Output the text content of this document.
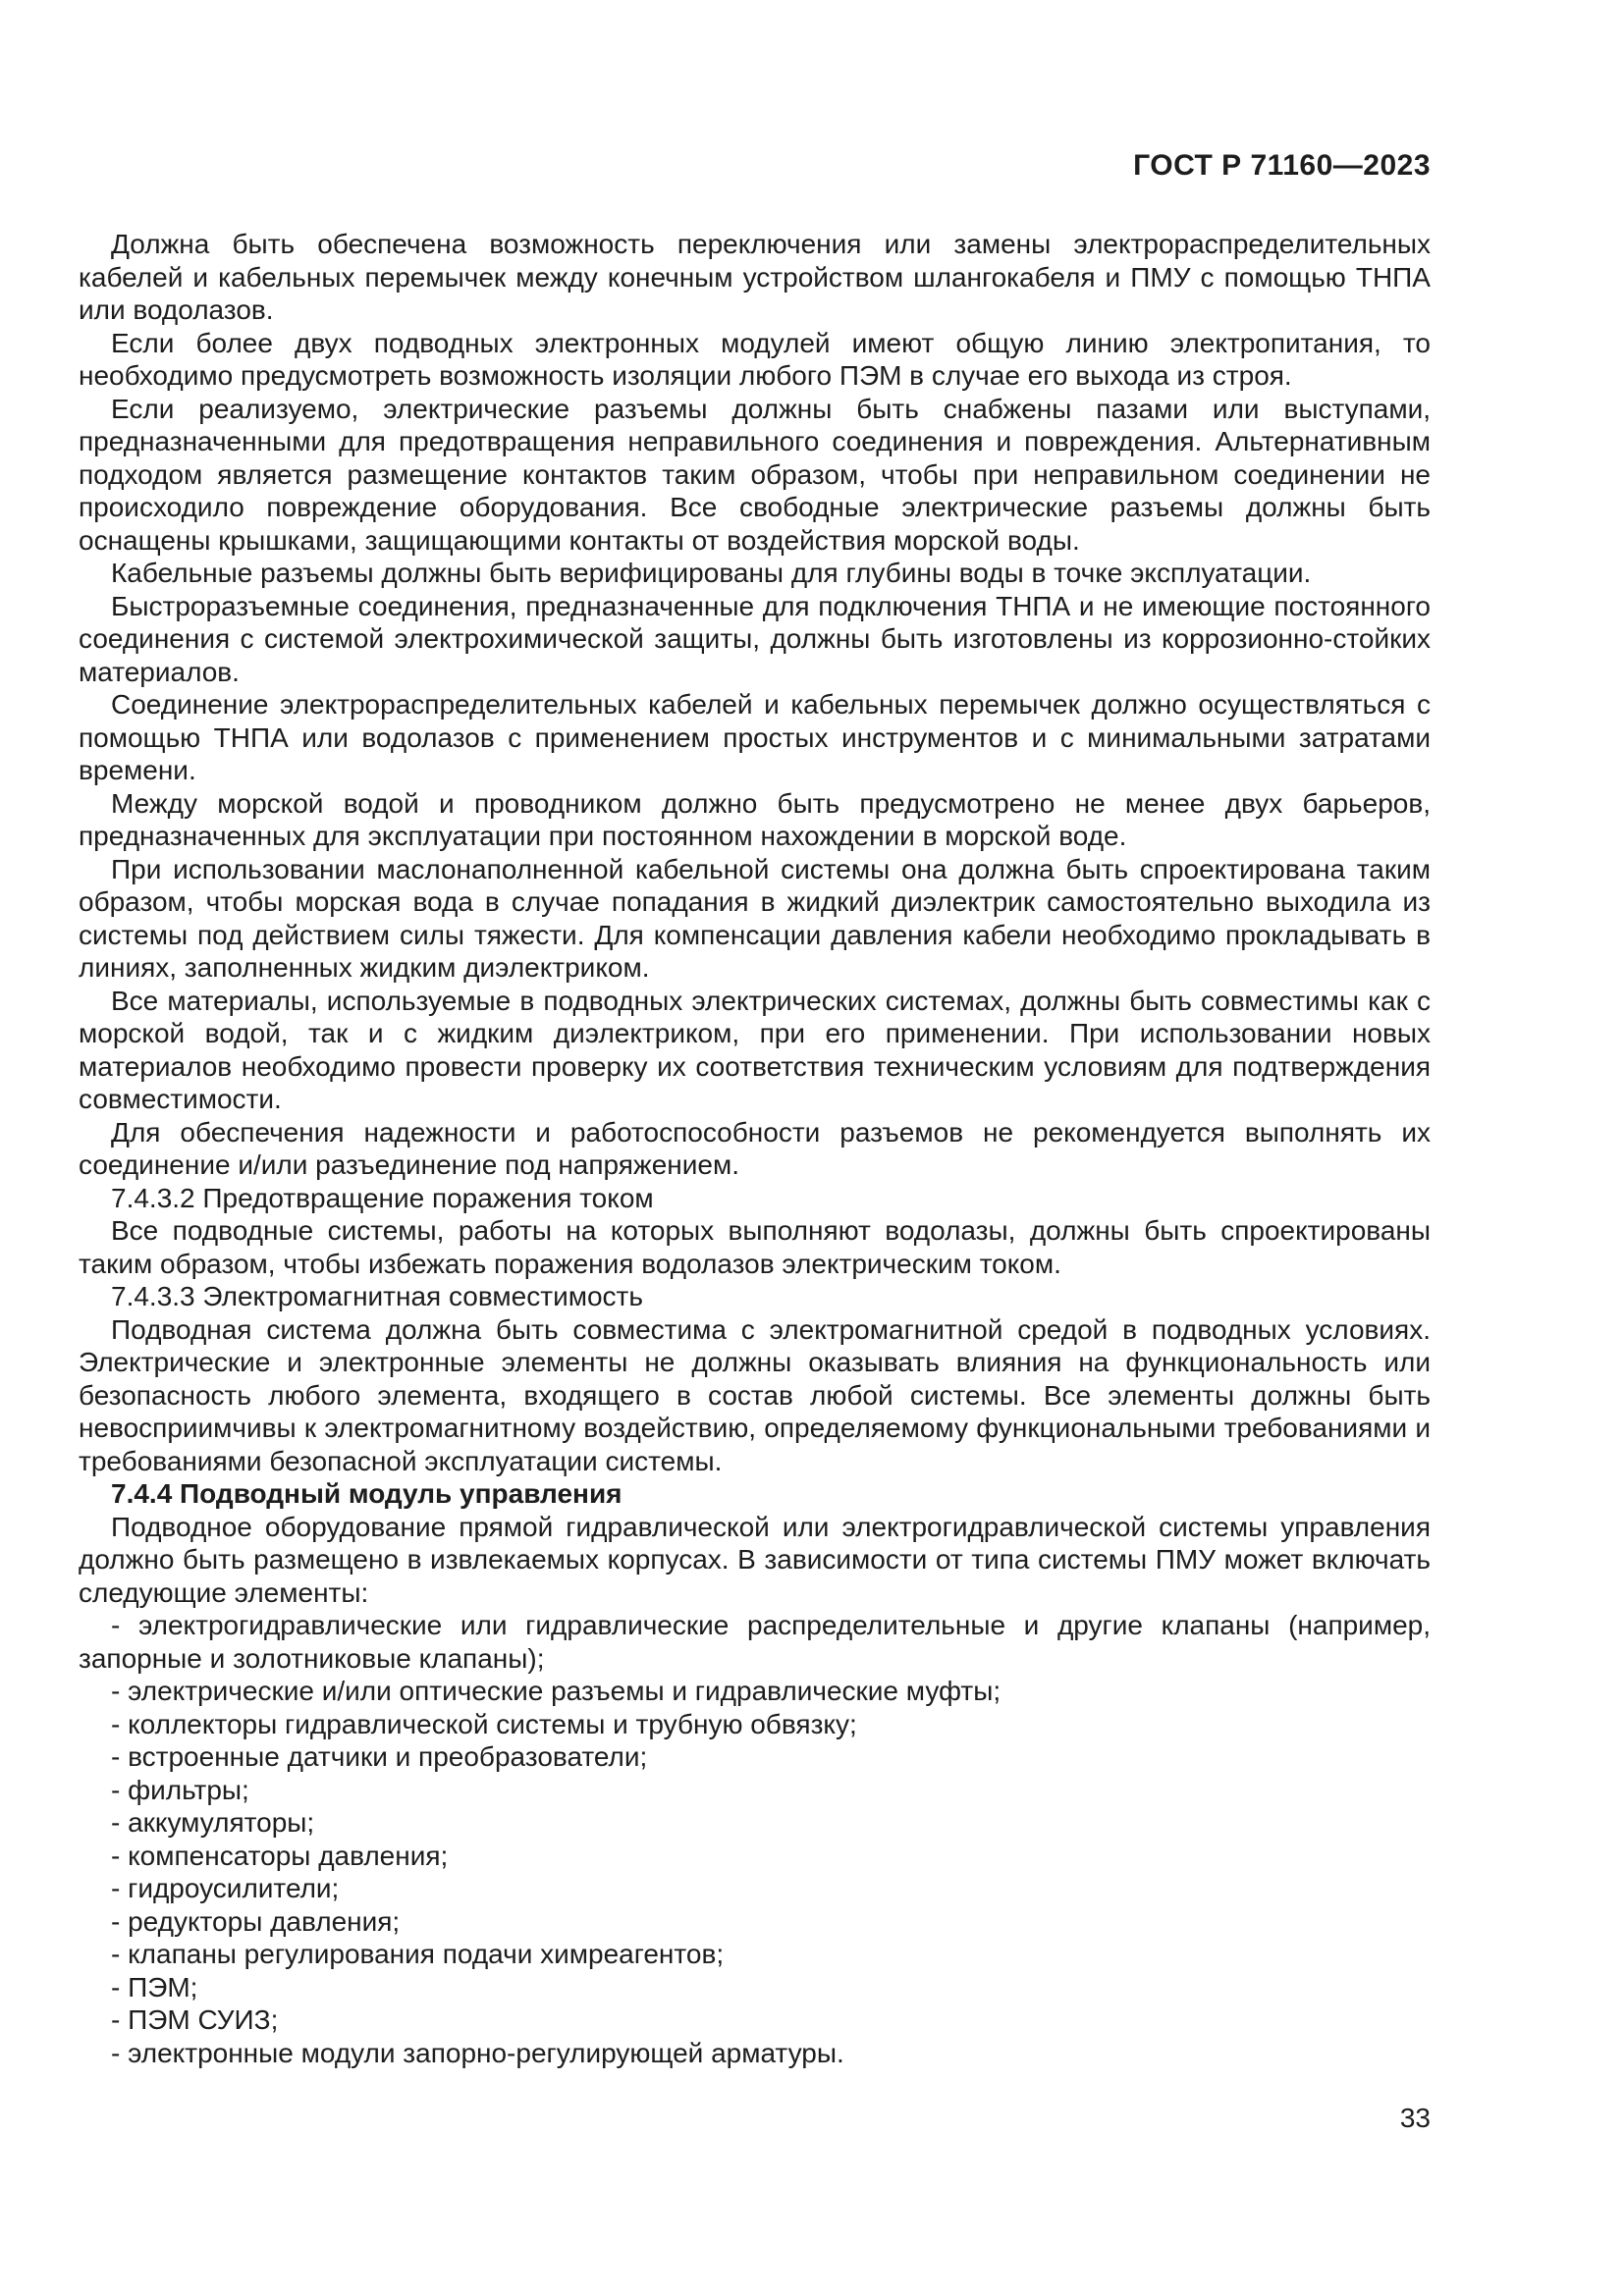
ГОСТ Р 71160—2023

Должна быть обеспечена возможность переключения или замены электрораспределительных кабелей и кабельных перемычек между конечным устройством шлангокабеля и ПМУ с помощью ТНПА или водолазов.

Если более двух подводных электронных модулей имеют общую линию электропитания, то необходимо предусмотреть возможность изоляции любого ПЭМ в случае его выхода из строя.

Если реализуемо, электрические разъемы должны быть снабжены пазами или выступами, предназначенными для предотвращения неправильного соединения и повреждения. Альтернативным подходом является размещение контактов таким образом, чтобы при неправильном соединении не происходило повреждение оборудования. Все свободные электрические разъемы должны быть оснащены крышками, защищающими контакты от воздействия морской воды.

Кабельные разъемы должны быть верифицированы для глубины воды в точке эксплуатации.

Быстроразъемные соединения, предназначенные для подключения ТНПА и не имеющие постоянного соединения с системой электрохимической защиты, должны быть изготовлены из коррозионно-стойких материалов.

Соединение электрораспределительных кабелей и кабельных перемычек должно осуществляться с помощью ТНПА или водолазов с применением простых инструментов и с минимальными затратами времени.

Между морской водой и проводником должно быть предусмотрено не менее двух барьеров, предназначенных для эксплуатации при постоянном нахождении в морской воде.

При использовании маслонаполненной кабельной системы она должна быть спроектирована таким образом, чтобы морская вода в случае попадания в жидкий диэлектрик самостоятельно выходила из системы под действием силы тяжести. Для компенсации давления кабели необходимо прокладывать в линиях, заполненных жидким диэлектриком.

Все материалы, используемые в подводных электрических системах, должны быть совместимы как с морской водой, так и с жидким диэлектриком, при его применении. При использовании новых материалов необходимо провести проверку их соответствия техническим условиям для подтверждения совместимости.

Для обеспечения надежности и работоспособности разъемов не рекомендуется выполнять их соединение и/или разъединение под напряжением.

7.4.3.2 Предотвращение поражения током

Все подводные системы, работы на которых выполняют водолазы, должны быть спроектированы таким образом, чтобы избежать поражения водолазов электрическим током.

7.4.3.3 Электромагнитная совместимость

Подводная система должна быть совместима с электромагнитной средой в подводных условиях. Электрические и электронные элементы не должны оказывать влияния на функциональность или безопасность любого элемента, входящего в состав любой системы. Все элементы должны быть невосприимчивы к электромагнитному воздействию, определяемому функциональными требованиями и требованиями безопасной эксплуатации системы.

7.4.4 Подводный модуль управления

Подводное оборудование прямой гидравлической или электрогидравлической системы управления должно быть размещено в извлекаемых корпусах. В зависимости от типа системы ПМУ может включать следующие элементы:

- электрогидравлические или гидравлические распределительные и другие клапаны (например, запорные и золотниковые клапаны);

- электрические и/или оптические разъемы и гидравлические муфты;

- коллекторы гидравлической системы и трубную обвязку;

- встроенные датчики и преобразователи;

- фильтры;

- аккумуляторы;

- компенсаторы давления;

- гидроусилители;

- редукторы давления;

- клапаны регулирования подачи химреагентов;

- ПЭМ;

- ПЭМ СУИЗ;

- электронные модули запорно-регулирующей арматуры.

33
